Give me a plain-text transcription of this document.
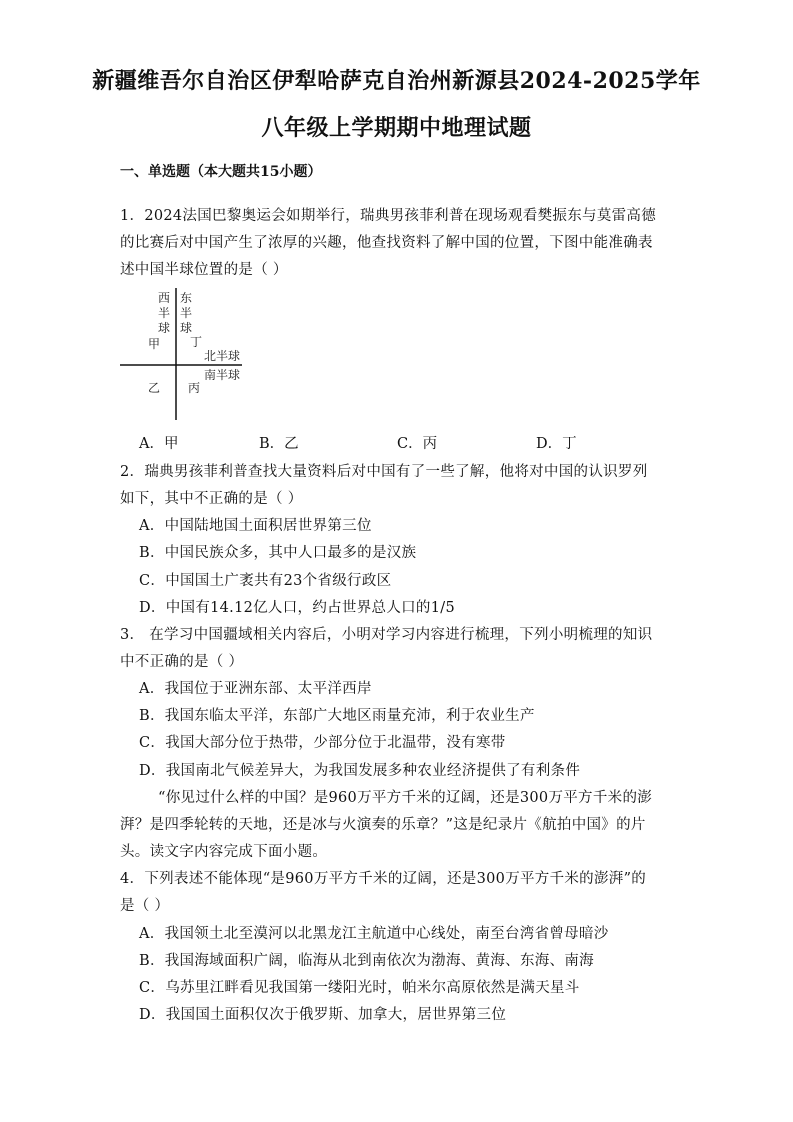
新疆维吾尔自治区伊犁哈萨克自治州新源县2024-2025学年
八年级上学期期中地理试题
一、单选题（本大题共15小题）
1．2024法国巴黎奥运会如期举行，瑞典男孩菲利普在现场观看樊振东与莫雷高德
的比赛后对中国产生了浓厚的兴趣，他查找资料了解中国的位置，下图中能准确表
述中国半球位置的是（ ）
西
半
球
东
半
球
甲 丁
北半球
南半球
乙 丙
A．甲	B．乙	C．丙	D．丁
2．瑞典男孩菲利普查找大量资料后对中国有了一些了解，他将对中国的认识罗列
如下，其中不正确的是（ ）
A．中国陆地国土面积居世界第三位
B．中国民族众多，其中人口最多的是汉族
C．中国国土广袤共有23个省级行政区
D．中国有14.12亿人口，约占世界总人口的1/5
3． 在学习中国疆域相关内容后，小明对学习内容进行梳理，下列小明梳理的知识
中不正确的是（ ）
A．我国位于亚洲东部、太平洋西岸
B．我国东临太平洋，东部广大地区雨量充沛，利于农业生产
C．我国大部分位于热带，少部分位于北温带，没有寒带
D．我国南北气候差异大，为我国发展多种农业经济提供了有利条件
“你见过什么样的中国？是960万平方千米的辽阔，还是300万平方千米的澎
湃？是四季轮转的天地，还是冰与火演奏的乐章？”这是纪录片《航拍中国》的片
头。读文字内容完成下面小题。
4．下列表述不能体现“是960万平方千米的辽阔，还是300万平方千米的澎湃”的
是（ ）
A．我国领土北至漠河以北黑龙江主航道中心线处，南至台湾省曾母暗沙
B．我国海域面积广阔，临海从北到南依次为渤海、黄海、东海、南海
C．乌苏里江畔看见我国第一缕阳光时，帕米尔高原依然是满天星斗
D．我国国土面积仅次于俄罗斯、加拿大，居世界第三位
